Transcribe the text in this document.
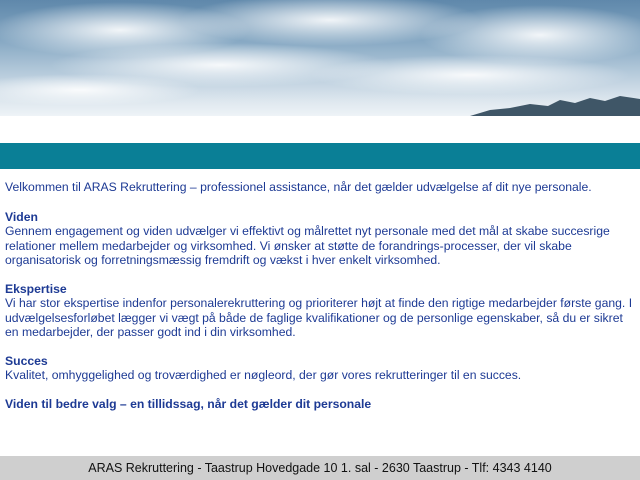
Velkommen til ARAS Rekruttering – professionel assistance, når det gælder udvælgelse af dit nye personale.

Viden
Gennem engagement og viden udvælger vi effektivt og målrettet nyt personale med det mål at skabe succesrige relationer mellem medarbejder og virksomhed. Vi ønsker at støtte de forandrings-processer, der vil skabe organisatorisk og forretningsmæssig fremdrift og vækst i hver enkelt virksomhed.
Ekspertise
Vi har stor ekspertise indenfor personalerekruttering og prioriterer højt at finde den rigtige medarbejder første gang. I udvælgelsesforløbet lægger vi vægt på både de faglige kvalifikationer og de personlige egenskaber, så du er sikret en medarbejder, der passer godt ind i din virksomhed.
Succes
Kvalitet, omhyggelighed og troværdighed er nøgleord, der gør vores rekrutteringer til en succes.

Viden til bedre valg – en tillidssag, når det gælder dit personale

ARAS Rekruttering - Taastrup Hovedgade 10 1. sal - 2630 Taastrup - Tlf: 4343 4140
